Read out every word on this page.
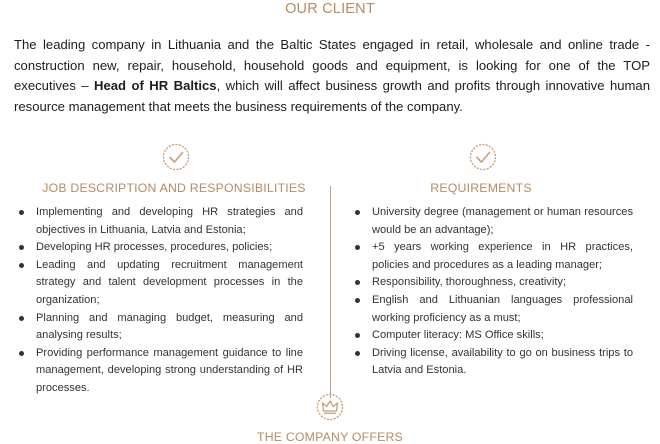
OUR CLIENT

The leading company in Lithuania and the Baltic States engaged in retail, wholesale and online trade - construction new, repair, household, household goods and equipment, is looking for one of the TOP executives – Head of HR Baltics, which will affect business growth and profits through innovative human resource management that meets the business requirements of the company.

JOB DESCRIPTION AND RESPONSIBILITIES	REQUIREMENTS
Implementing and developing HR strategies and objectives in Lithuania, Latvia and Estonia;
Developing HR processes, procedures, policies;
Leading and updating recruitment management strategy and talent development processes in the organization;
Planning and managing budget, measuring and analysing results;
Providing performance management guidance to line management, developing strong understanding of HR processes.
University degree (management or human resources would be an advantage);
+5 years working experience in HR practices, policies and procedures as a leading manager;
Responsibility, thoroughness, creativity;
English and Lithuanian languages professional working proficiency as a must;
Computer literacy: MS Office skills;
Driving license, availability to go on business trips to Latvia and Estonia.
THE COMPANY OFFERS
